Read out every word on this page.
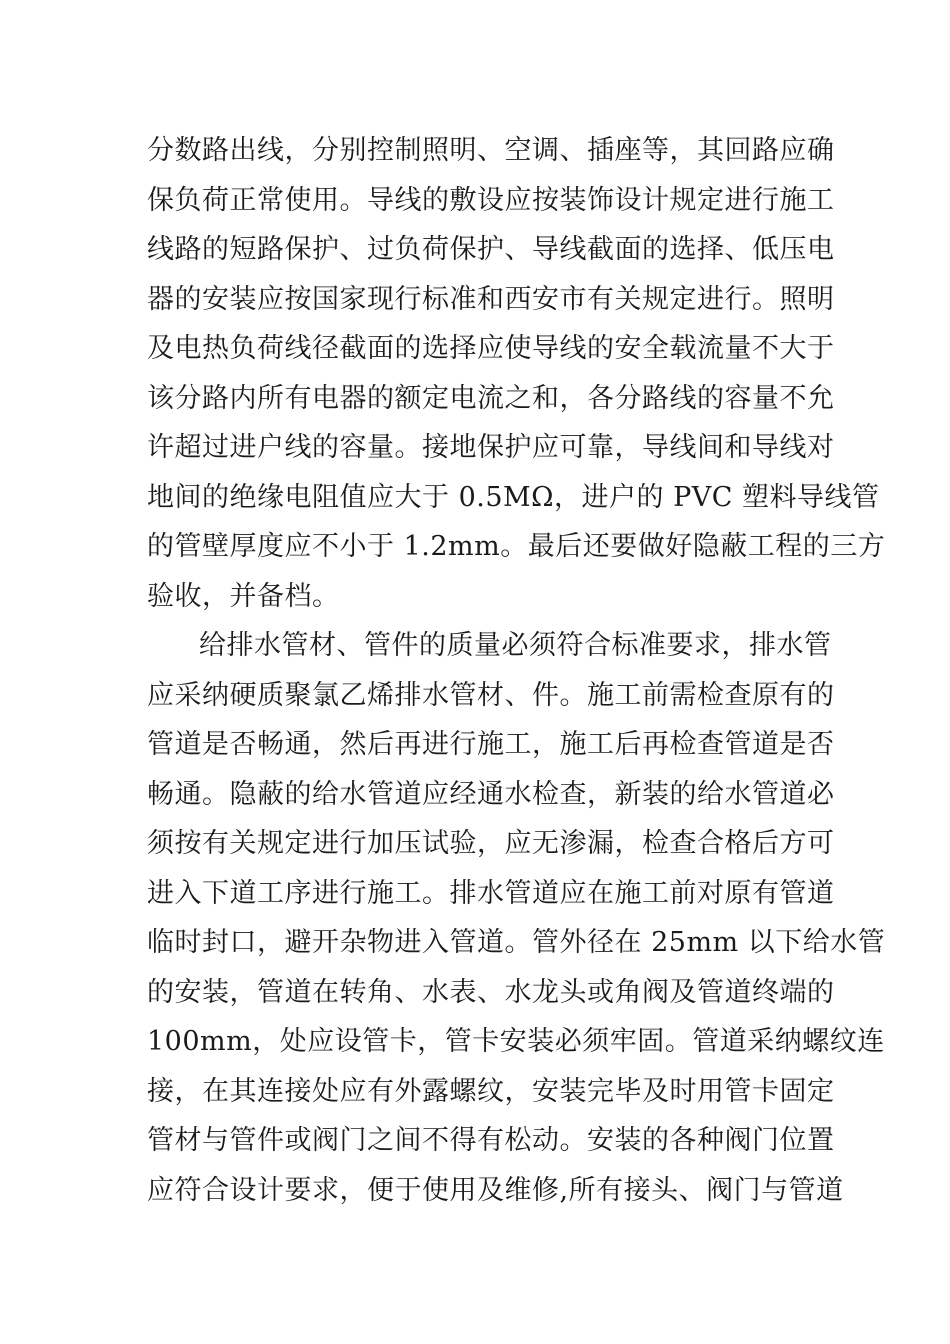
分数路出线，分别控制照明、空调、插座等，其回路应确
保负荷正常使用。导线的敷设应按装饰设计规定进行施工
线路的短路保护、过负荷保护、导线截面的选择、低压电
器的安装应按国家现行标准和西安市有关规定进行。照明
及电热负荷线径截面的选择应使导线的安全载流量不大于
该分路内所有电器的额定电流之和，各分路线的容量不允
许超过进户线的容量。接地保护应可靠，导线间和导线对
地间的绝缘电阻值应大于 0.5MΩ，进户的 PVC 塑料导线管
的管壁厚度应不小于 1.2mm。最后还要做好隐蔽工程的三方
验收，并备档。
给排水管材、管件的质量必须符合标准要求，排水管
应采纳硬质聚氯乙烯排水管材、件。施工前需检查原有的
管道是否畅通，然后再进行施工，施工后再检查管道是否
畅通。隐蔽的给水管道应经通水检查，新装的给水管道必
须按有关规定进行加压试验，应无渗漏，检查合格后方可
进入下道工序进行施工。排水管道应在施工前对原有管道
临时封口，避开杂物进入管道。管外径在 25mm 以下给水管
的安装，管道在转角、水表、水龙头或角阀及管道终端的
100mm，处应设管卡，管卡安装必须牢固。管道采纳螺纹连
接，在其连接处应有外露螺纹，安装完毕及时用管卡固定
管材与管件或阀门之间不得有松动。安装的各种阀门位置
应符合设计要求，便于使用及维修,所有接头、阀门与管道
